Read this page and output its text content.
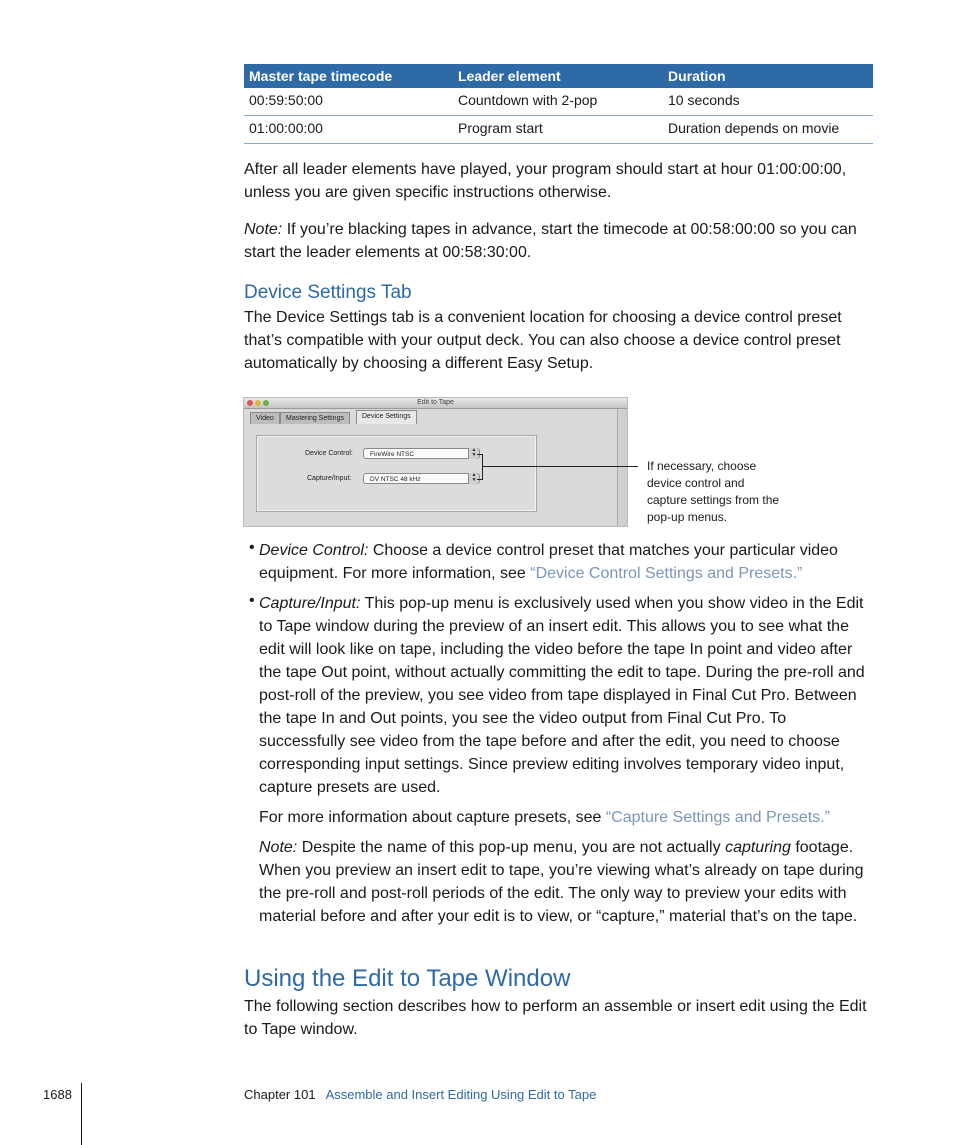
Master tape timecode	Leader element	Duration
00:59:50:00	Countdown with 2-pop	10 seconds
01:00:00:00	Program start	Duration depends on movie
After all leader elements have played, your program should start at hour 01:00:00:00, unless you are given specific instructions otherwise.
Note: If you’re blacking tapes in advance, start the timecode at 00:58:00:00 so you can start the leader elements at 00:58:30:00.
Device Settings Tab
The Device Settings tab is a convenient location for choosing a device control preset that’s compatible with your output deck. You can also choose a device control preset automatically by choosing a different Easy Setup.
Edit to Tape
Video	Mastering Settings	Device Settings
Device Control:	FireWire NTSC
▲
▼
Capture/Input:	DV NTSC 48 kHz
▲
▼
If necessary, choose device control and capture settings from the pop-up menus.
• Device Control: Choose a device control preset that matches your particular video equipment. For more information, see “Device Control Settings and Presets.”
• Capture/Input: This pop-up menu is exclusively used when you show video in the Edit to Tape window during the preview of an insert edit. This allows you to see what the edit will look like on tape, including the video before the tape In point and video after the tape Out point, without actually committing the edit to tape. During the pre-roll and post-roll of the preview, you see video from tape displayed in Final Cut Pro. Between the tape In and Out points, you see the video output from Final Cut Pro. To successfully see video from the tape before and after the edit, you need to choose corresponding input settings. Since preview editing involves temporary video input, capture presets are used.
For more information about capture presets, see “Capture Settings and Presets.”
Note: Despite the name of this pop-up menu, you are not actually capturing footage. When you preview an insert edit to tape, you’re viewing what’s already on tape during the pre-roll and post-roll periods of the edit. The only way to preview your edits with material before and after your edit is to view, or “capture,” material that’s on the tape.
Using the Edit to Tape Window
The following section describes how to perform an assemble or insert edit using the Edit to Tape window.
1688	Chapter 101 Assemble and Insert Editing Using Edit to Tape
